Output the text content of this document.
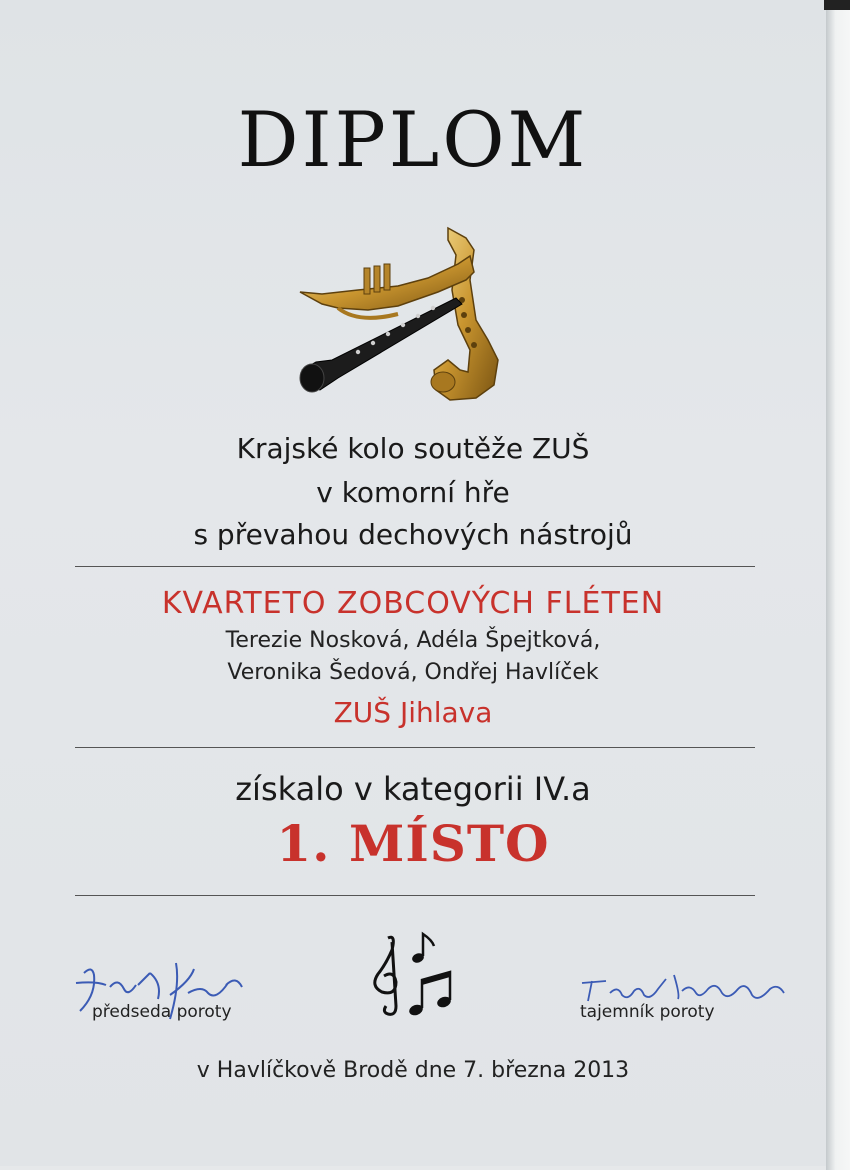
DIPLOM
Krajské kolo soutěže ZUŠ
v komorní hře
s převahou dechových nástrojů
KVARTETO ZOBCOVÝCH FLÉTEN
Terezie Nosková, Adéla Špejtková,
Veronika Šedová, Ondřej Havlíček
ZUŠ Jihlava
získalo v kategorii IV.a
1. MÍSTO
předseda poroty	tajemník poroty
v Havlíčkově Brodě dne 7. března 2013
